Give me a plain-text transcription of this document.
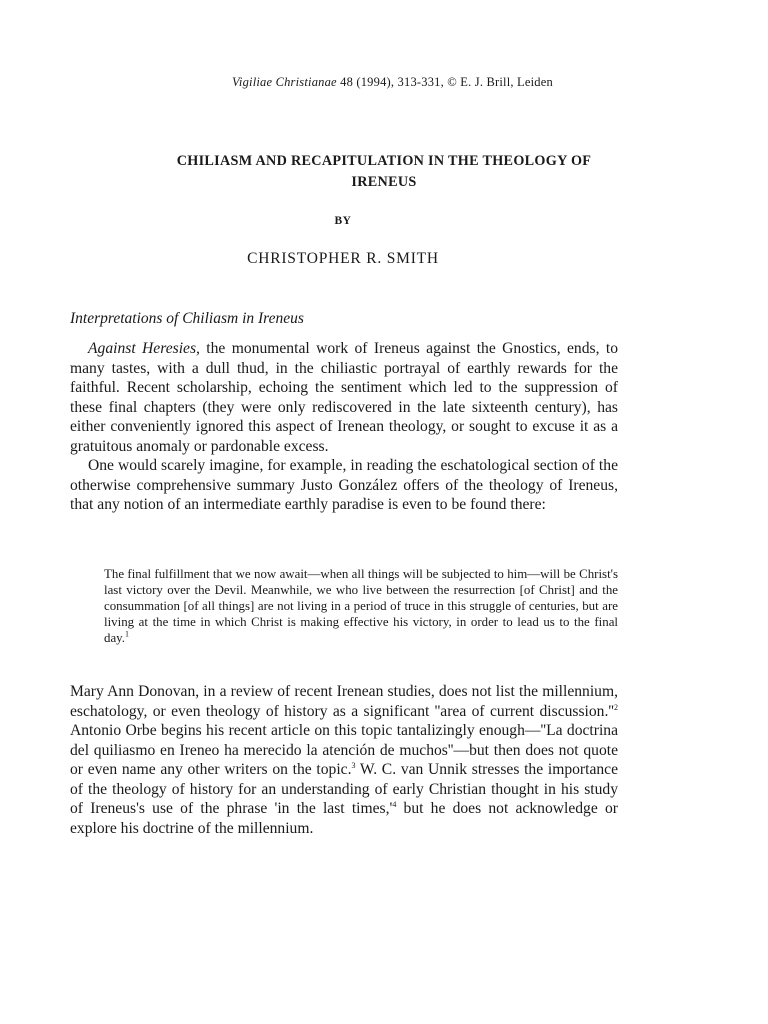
Vigiliae Christianae 48 (1994), 313-331, © E. J. Brill, Leiden
CHILIASM AND RECAPITULATION IN THE THEOLOGY OF
IRENEUS
BY
CHRISTOPHER R. SMITH
Interpretations of Chiliasm in Ireneus

Against Heresies, the monumental work of Ireneus against the Gnostics, ends, to many tastes, with a dull thud, in the chiliastic portrayal of earthly rewards for the faithful. Recent scholarship, echoing the sentiment which led to the suppression of these final chapters (they were only rediscovered in the late sixteenth century), has either conveniently ignored this aspect of Irenean theology, or sought to excuse it as a gratuitous anomaly or pardonable excess.

One would scarely imagine, for example, in reading the eschatological section of the otherwise comprehensive summary Justo González offers of the theology of Ireneus, that any notion of an intermediate earthly paradise is even to be found there:

The final fulfillment that we now await—when all things will be subjected to him—will be Christ's last victory over the Devil. Meanwhile, we who live between the resurrection [of Christ] and the consummation [of all things] are not living in a period of truce in this struggle of centuries, but are living at the time in which Christ is making effective his victory, in order to lead us to the final day.$^1$

Mary Ann Donovan, in a review of recent Irenean studies, does not list the millennium, eschatology, or even theology of history as a significant ''area of current discussion.''$^2$ Antonio Orbe begins his recent article on this topic tantalizingly enough—''La doctrina del quiliasmo en Ireneo ha merecido la atención de muchos''—but then does not quote or even name any other writers on the topic.$^3$ W. C. van Unnik stresses the importance of the theology of history for an understanding of early Christian thought in his study of Ireneus's use of the phrase 'in the last times,'$^4$ but he does not acknowledge or explore his doctrine of the millennium.
